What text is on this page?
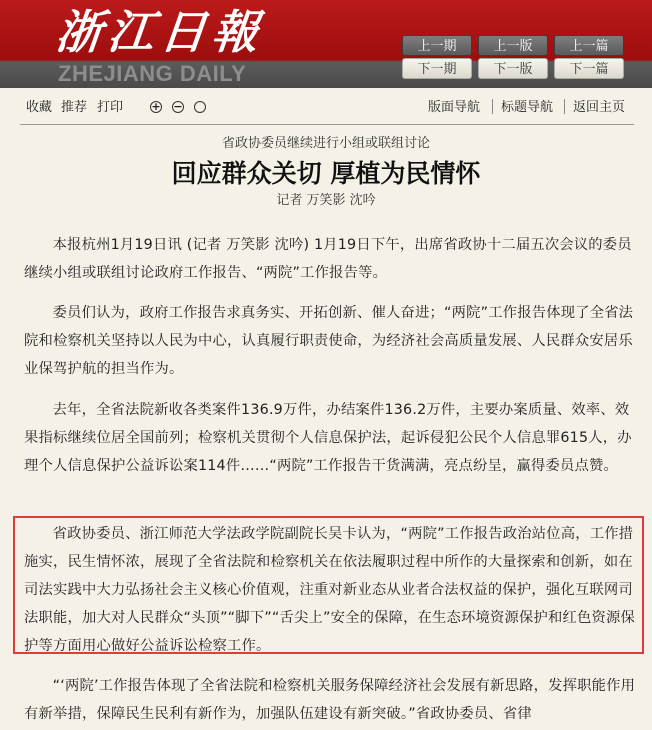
浙江日報
ZHEJIANG DAILY
上一期	上一版	上一篇
下一期	下一版	下一篇
收藏 推荐 打印	+ −	版面导航 标题导航 返回主页
省政协委员继续进行小组或联组讨论
回应群众关切 厚植为民情怀
记者 万笑影 沈吟

本报杭州1月19日讯 (记者 万笑影 沈吟) 1月19日下午，出席省政协十二届五次会议的委员继续小组或联组讨论政府工作报告、“两院”工作报告等。

委员们认为，政府工作报告求真务实、开拓创新、催人奋进；“两院”工作报告体现了全省法院和检察机关坚持以人民为中心，认真履行职责使命，为经济社会高质量发展、人民群众安居乐业保驾护航的担当作为。

去年，全省法院新收各类案件136.9万件，办结案件136.2万件，主要办案质量、效率、效果指标继续位居全国前列；检察机关贯彻个人信息保护法，起诉侵犯公民个人信息罪615人，办理个人信息保护公益诉讼案114件……“两院”工作报告干货满满，亮点纷呈，赢得委员点赞。

省政协委员、浙江师范大学法政学院副院长吴卡认为，“两院”工作报告政治站位高，工作措施实，民生情怀浓，展现了全省法院和检察机关在依法履职过程中所作的大量探索和创新，如在司法实践中大力弘扬社会主义核心价值观，注重对新业态从业者合法权益的保护，强化互联网司法职能，加大对人民群众“头顶”“脚下”“舌尖上”安全的保障，在生态环境资源保护和红色资源保护等方面用心做好公益诉讼检察工作。

“‘两院’工作报告体现了全省法院和检察机关服务保障经济社会发展有新思路，发挥职能作用有新举措，保障民生民利有新作为，加强队伍建设有新突破。”省政协委员、省律
